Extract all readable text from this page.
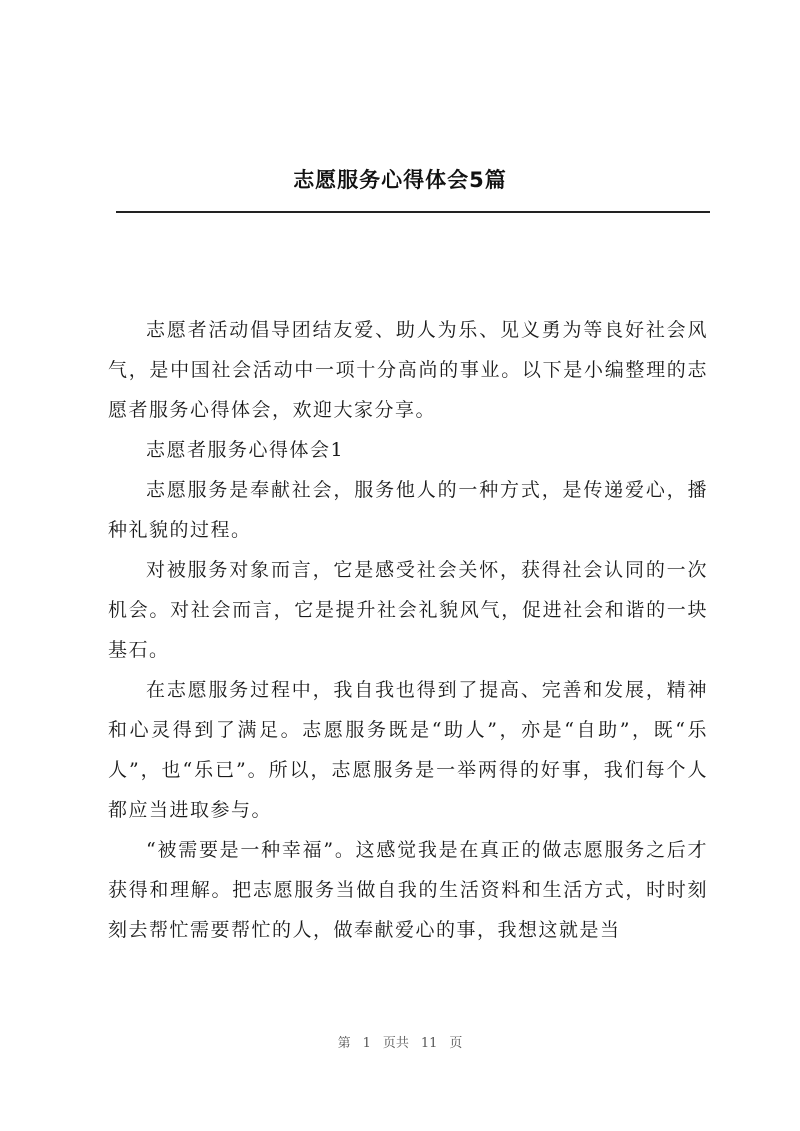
志愿服务心得体会5篇

志愿者活动倡导团结友爱、助人为乐、见义勇为等良好社会风气，是中国社会活动中一项十分高尚的事业。以下是小编整理的志愿者服务心得体会，欢迎大家分享。

志愿者服务心得体会1

志愿服务是奉献社会，服务他人的一种方式，是传递爱心，播种礼貌的过程。

对被服务对象而言，它是感受社会关怀，获得社会认同的一次机会。对社会而言，它是提升社会礼貌风气，促进社会和谐的一块基石。

在志愿服务过程中，我自我也得到了提高、完善和发展，精神和心灵得到了满足。志愿服务既是“助人”，亦是“自助”，既“乐人”，也“乐已”。所以，志愿服务是一举两得的好事，我们每个人都应当进取参与。

“被需要是一种幸福”。这感觉我是在真正的做志愿服务之后才获得和理解。把志愿服务当做自我的生活资料和生活方式，时时刻刻去帮忙需要帮忙的人，做奉献爱心的事，我想这就是当

第 1 页共 11 页
